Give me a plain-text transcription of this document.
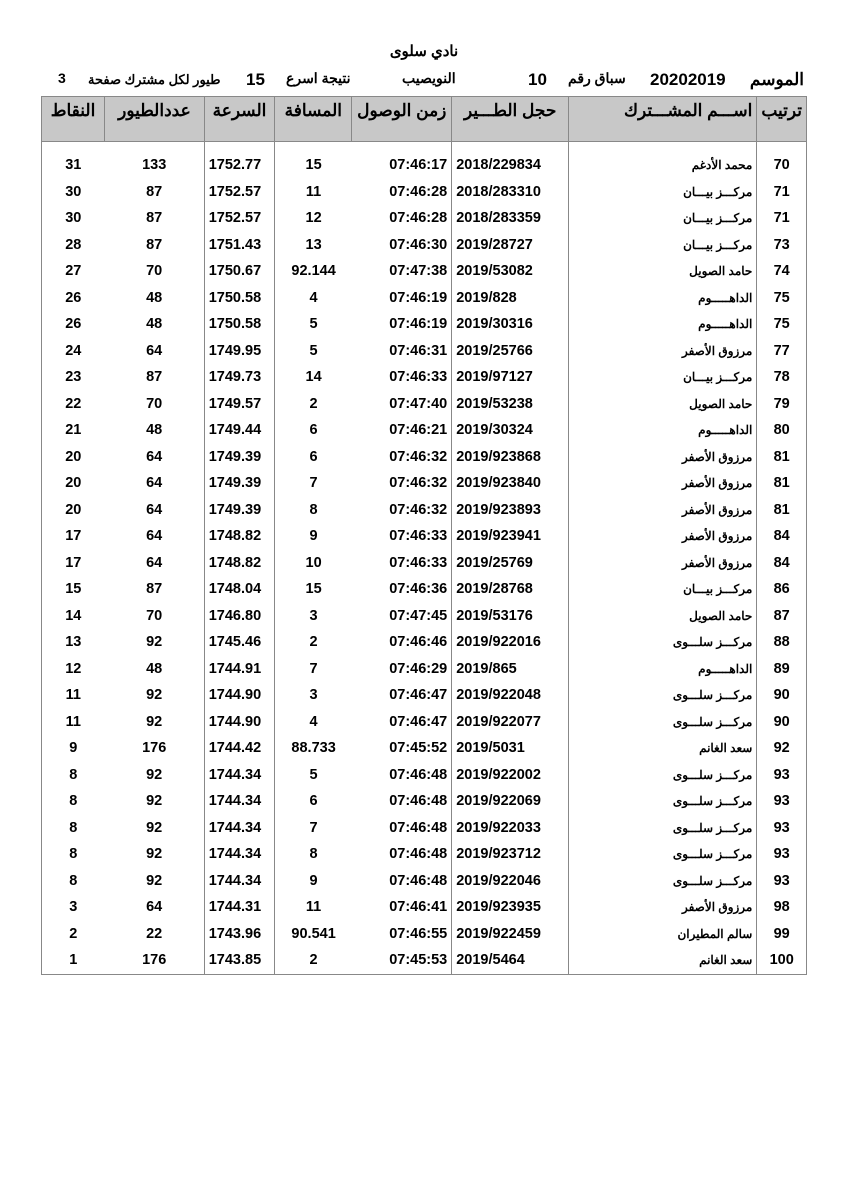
نادي سلوى
الموسم
20202019
سباق رقم
10
النويصيب
نتيجة اسرع
15
طيور لكل مشترك صفحة
3
ترتيب	اســـم المشـــترك	حجل الطـــير	زمن الوصول	المسافة	السرعة	عددالطيور	النقاط
70	محمد الأدغم	2018/229834	07:46:17	15	1752.77	133	31
71	مركـــز بيـــان	2018/283310	07:46:28	11	1752.57	87	30
71	مركـــز بيـــان	2018/283359	07:46:28	12	1752.57	87	30
73	مركـــز بيـــان	2019/28727	07:46:30	13	1751.43	87	28
74	حامد الصويل	2019/53082	07:47:38	92.144	1750.67	70	27
75	الداهـــــوم	2019/828	07:46:19	4	1750.58	48	26
75	الداهـــــوم	2019/30316	07:46:19	5	1750.58	48	26
77	مرزوق الأصفر	2019/25766	07:46:31	5	1749.95	64	24
78	مركـــز بيـــان	2019/97127	07:46:33	14	1749.73	87	23
79	حامد الصويل	2019/53238	07:47:40	2	1749.57	70	22
80	الداهـــــوم	2019/30324	07:46:21	6	1749.44	48	21
81	مرزوق الأصفر	2019/923868	07:46:32	6	1749.39	64	20
81	مرزوق الأصفر	2019/923840	07:46:32	7	1749.39	64	20
81	مرزوق الأصفر	2019/923893	07:46:32	8	1749.39	64	20
84	مرزوق الأصفر	2019/923941	07:46:33	9	1748.82	64	17
84	مرزوق الأصفر	2019/25769	07:46:33	10	1748.82	64	17
86	مركـــز بيـــان	2019/28768	07:46:36	15	1748.04	87	15
87	حامد الصويل	2019/53176	07:47:45	3	1746.80	70	14
88	مركـــز سلـــوى	2019/922016	07:46:46	2	1745.46	92	13
89	الداهـــــوم	2019/865	07:46:29	7	1744.91	48	12
90	مركـــز سلـــوى	2019/922048	07:46:47	3	1744.90	92	11
90	مركـــز سلـــوى	2019/922077	07:46:47	4	1744.90	92	11
92	سعد الغانم	2019/5031	07:45:52	88.733	1744.42	176	9
93	مركـــز سلـــوى	2019/922002	07:46:48	5	1744.34	92	8
93	مركـــز سلـــوى	2019/922069	07:46:48	6	1744.34	92	8
93	مركـــز سلـــوى	2019/922033	07:46:48	7	1744.34	92	8
93	مركـــز سلـــوى	2019/923712	07:46:48	8	1744.34	92	8
93	مركـــز سلـــوى	2019/922046	07:46:48	9	1744.34	92	8
98	مرزوق الأصفر	2019/923935	07:46:41	11	1744.31	64	3
99	سالم المطيران	2019/922459	07:46:55	90.541	1743.96	22	2
100	سعد الغانم	2019/5464	07:45:53	2	1743.85	176	1
